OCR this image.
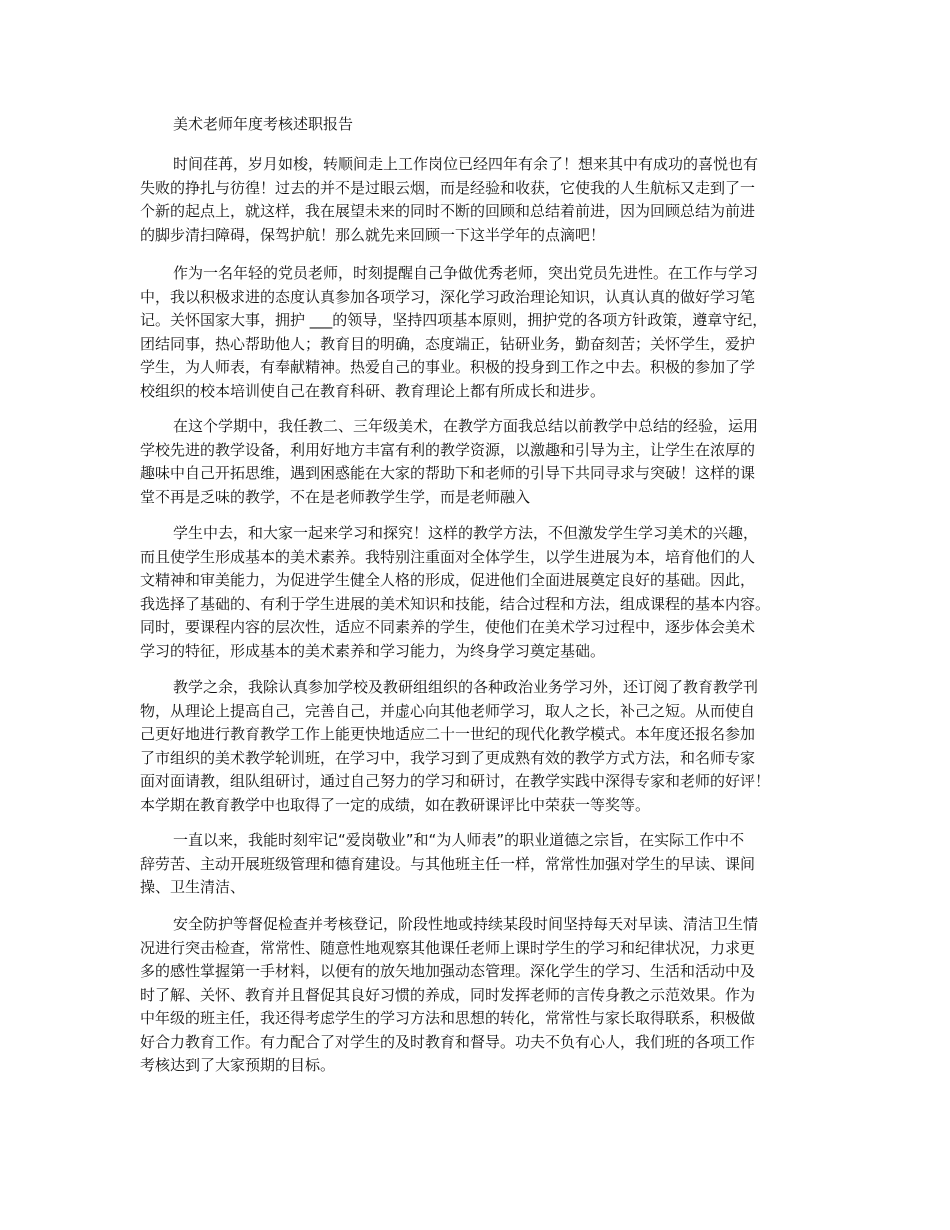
美术老师年度考核述职报告
时间荏苒，岁月如梭，转顺间走上工作岗位已经四年有余了！想来其中有成功的喜悦也有
失败的挣扎与彷徨！过去的并不是过眼云烟，而是经验和收获，它使我的人生航标又走到了一
个新的起点上，就这样，我在展望未来的同时不断的回顾和总结着前进，因为回顾总结为前进
的脚步清扫障碍，保驾护航！那么就先来回顾一下这半学年的点滴吧！
作为一名年轻的党员老师，时刻提醒自己争做优秀老师，突出党员先进性。在工作与学习
中，我以积极求进的态度认真参加各项学习，深化学习政治理论知识，认真认真的做好学习笔
记。关怀国家大事，拥护 ___的领导，坚持四项基本原则，拥护党的各项方针政策，遵章守纪，
团结同事，热心帮助他人；教育目的明确，态度端正，钻研业务，勤奋刻苦；关怀学生，爱护
学生，为人师表，有奉献精神。热爱自己的事业。积极的投身到工作之中去。积极的参加了学
校组织的校本培训使自己在教育科研、教育理论上都有所成长和进步。
在这个学期中，我任教二、三年级美术，在教学方面我总结以前教学中总结的经验，运用
学校先进的教学设备，利用好地方丰富有利的教学资源，以激趣和引导为主，让学生在浓厚的
趣味中自己开拓思维，遇到困惑能在大家的帮助下和老师的引导下共同寻求与突破！这样的课
堂不再是乏味的教学，不在是老师教学生学，而是老师融入
学生中去，和大家一起来学习和探究！这样的教学方法，不但激发学生学习美术的兴趣，
而且使学生形成基本的美术素养。我特别注重面对全体学生，以学生进展为本，培育他们的人
文精神和审美能力，为促进学生健全人格的形成，促进他们全面进展奠定良好的基础。因此，
我选择了基础的、有利于学生进展的美术知识和技能，结合过程和方法，组成课程的基本内容。
同时，要课程内容的层次性，适应不同素养的学生，使他们在美术学习过程中，逐步体会美术
学习的特征，形成基本的美术素养和学习能力，为终身学习奠定基础。
教学之余，我除认真参加学校及教研组组织的各种政治业务学习外，还订阅了教育教学刊
物，从理论上提高自己，完善自己，并虚心向其他老师学习，取人之长，补己之短。从而使自
己更好地进行教育教学工作上能更快地适应二十一世纪的现代化教学模式。本年度还报名参加
了市组织的美术教学轮训班，在学习中，我学习到了更成熟有效的教学方式方法，和名师专家
面对面请教，组队组研讨，通过自己努力的学习和研讨，在教学实践中深得专家和老师的好评！
本学期在教育教学中也取得了一定的成绩，如在教研课评比中荣获一等奖等。
一直以来，我能时刻牢记“爱岗敬业”和“为人师表”的职业道德之宗旨，在实际工作中不
辞劳苦、主动开展班级管理和德育建设。与其他班主任一样，常常性加强对学生的早读、课间
操、卫生清洁、
安全防护等督促检查并考核登记，阶段性地或持续某段时间坚持每天对早读、清洁卫生情
况进行突击检查，常常性、随意性地观察其他课任老师上课时学生的学习和纪律状况，力求更
多的感性掌握第一手材料，以便有的放矢地加强动态管理。深化学生的学习、生活和活动中及
时了解、关怀、教育并且督促其良好习惯的养成，同时发挥老师的言传身教之示范效果。作为
中年级的班主任，我还得考虑学生的学习方法和思想的转化，常常性与家长取得联系，积极做
好合力教育工作。有力配合了对学生的及时教育和督导。功夫不负有心人，我们班的各项工作
考核达到了大家预期的目标。
